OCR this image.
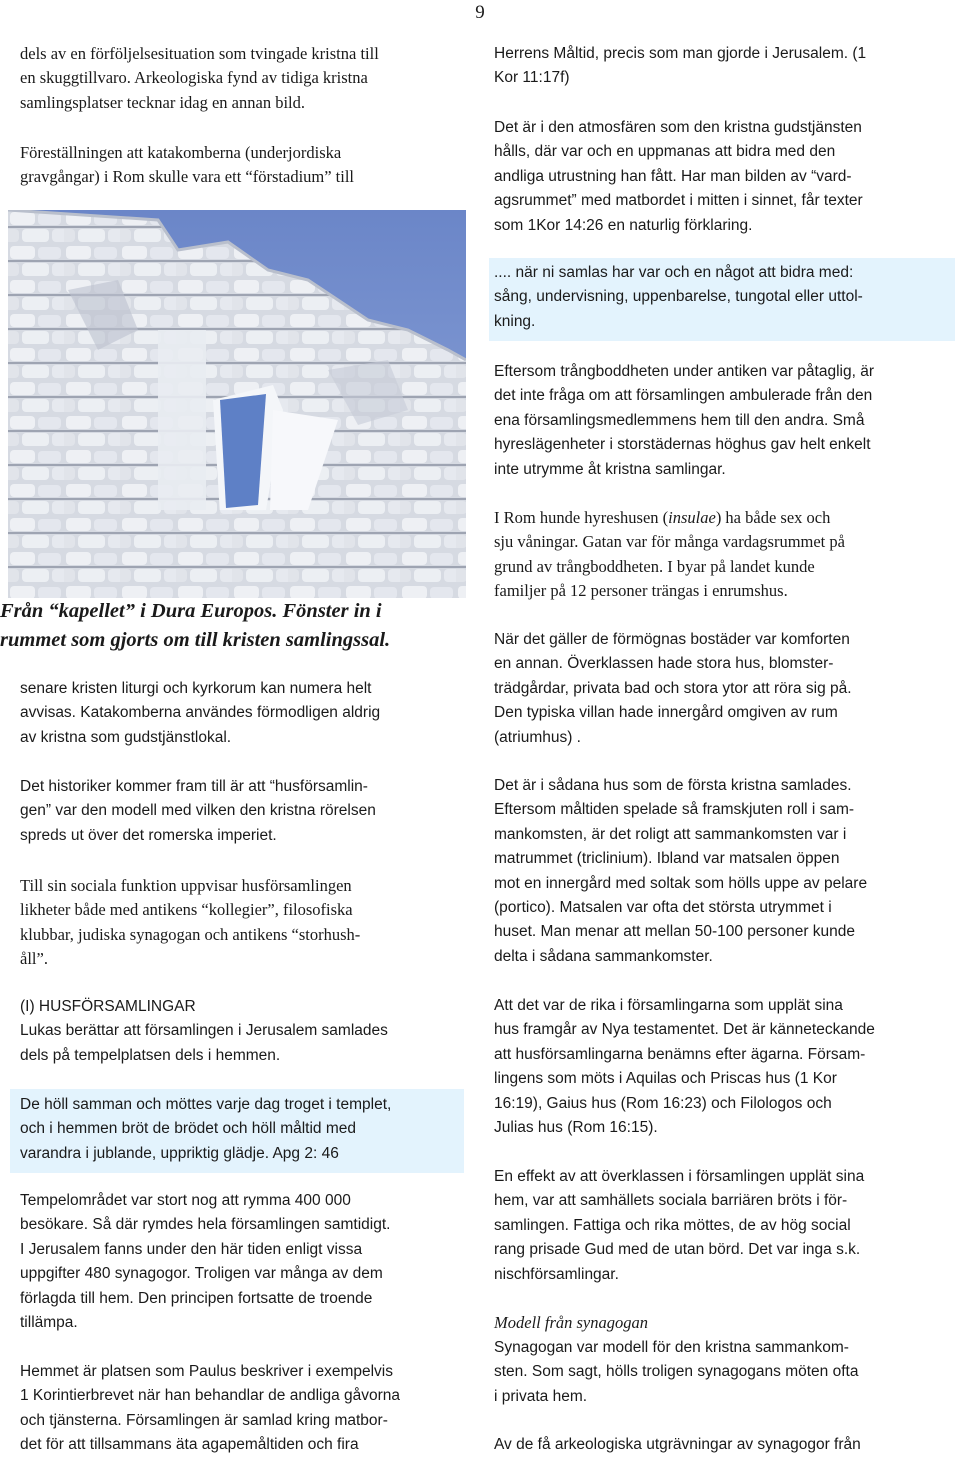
9

dels av en förföljelsesituation som tvingade kristna till
en skuggtillvaro. Arkeologiska fynd av tidiga kristna
samlingsplatser tecknar idag en annan bild.

Föreställningen att katakomberna (underjordiska
gravgångar) i Rom skulle vara ett “förstadium” till

Från “kapellet” i Dura Europos. Fönster in i
rummet som gjorts om till kristen samlingssal.

senare kristen liturgi och kyrkorum kan numera helt
avvisas. Katakomberna användes förmodligen aldrig
av kristna som gudstjänstlokal.

Det historiker kommer fram till är att “husförsamlin-
gen” var den modell med vilken den kristna rörelsen
spreds ut över det romerska imperiet.

Till sin sociala funktion uppvisar husförsamlingen
likheter både med antikens “kollegier”, filosofiska
klubbar, judiska synagogan och antikens “storhush-
åll”.

(I) HUSFÖRSAMLINGAR
Lukas berättar att församlingen i Jerusalem samlades
dels på tempelplatsen dels i hemmen.

De höll samman och möttes varje dag troget i templet,
och i hemmen bröt de brödet och höll måltid med
varandra i jublande, uppriktig glädje. Apg 2: 46

Tempelområdet var stort nog att rymma 400 000
besökare. Så där rymdes hela församlingen samtidigt.
I Jerusalem fanns under den här tiden enligt vissa
uppgifter 480 synagogor. Troligen var många av dem
förlagda till hem. Den principen fortsatte de troende
tillämpa.

Hemmet är platsen som Paulus beskriver i exempelvis
1 Korintierbrevet när han behandlar de andliga gåvorna
och tjänsterna. Församlingen är samlad kring matbor-
det för att tillsammans äta agapemåltiden och fira

Herrens Måltid, precis som man gjorde i Jerusalem. (1
Kor 11:17f)

Det är i den atmosfären som den kristna gudstjänsten
hålls, där var och en uppmanas att bidra med den
andliga utrustning han fått. Har man bilden av “vard-
agsrummet” med matbordet i mitten i sinnet, får texter
som 1Kor 14:26 en naturlig förklaring.

.... när ni samlas har var och en något att bidra med:
sång, undervisning, uppenbarelse, tungotal eller uttol-
kning.

Eftersom trångboddheten under antiken var påtaglig, är
det inte fråga om att församlingen ambulerade från den
ena församlingsmedlemmens hem till den andra. Små
hyreslägenheter i storstädernas höghus gav helt enkelt
inte utrymme åt kristna samlingar.

I Rom hunde hyreshusen (insulae) ha både sex och
sju våningar. Gatan var för många vardagsrummet på
grund av trångboddheten. I byar på landet kunde
familjer på 12 personer trängas i enrumshus.

När det gäller de förmögnas bostäder var komforten
en annan. Överklassen hade stora hus, blomster-
trädgårdar, privata bad och stora ytor att röra sig på.
Den typiska villan hade innergård omgiven av rum
(atriumhus) .

Det är i sådana hus som de första kristna samlades.
Eftersom måltiden spelade så framskjuten roll i sam-
mankomsten, är det roligt att sammankomsten var i
matrummet (triclinium). Ibland var matsalen öppen
mot en innergård med soltak som hölls uppe av pelare
(portico). Matsalen var ofta det största utrymmet i
huset. Man menar att mellan 50-100 personer kunde
delta i sådana sammankomster.

Att det var de rika i församlingarna som upplät sina
hus framgår av Nya testamentet. Det är känneteckande
att husförsamlingarna benämns efter ägarna. Försam-
lingens som möts i Aquilas och Priscas hus (1 Kor
16:19), Gaius hus (Rom 16:23) och Filologos och
Julias hus (Rom 16:15).

En effekt av att överklassen i församlingen upplät sina
hem, var att samhällets sociala barriären bröts i för-
samlingen. Fattiga och rika möttes, de av hög social
rang prisade Gud med de utan börd. Det var inga s.k.
nischförsamlingar.

Modell från synagogan

Synagogan var modell för den kristna sammankom-
sten. Som sagt, hölls troligen synagogans möten ofta
i privata hem.

Av de få arkeologiska utgrävningar av synagogor från
